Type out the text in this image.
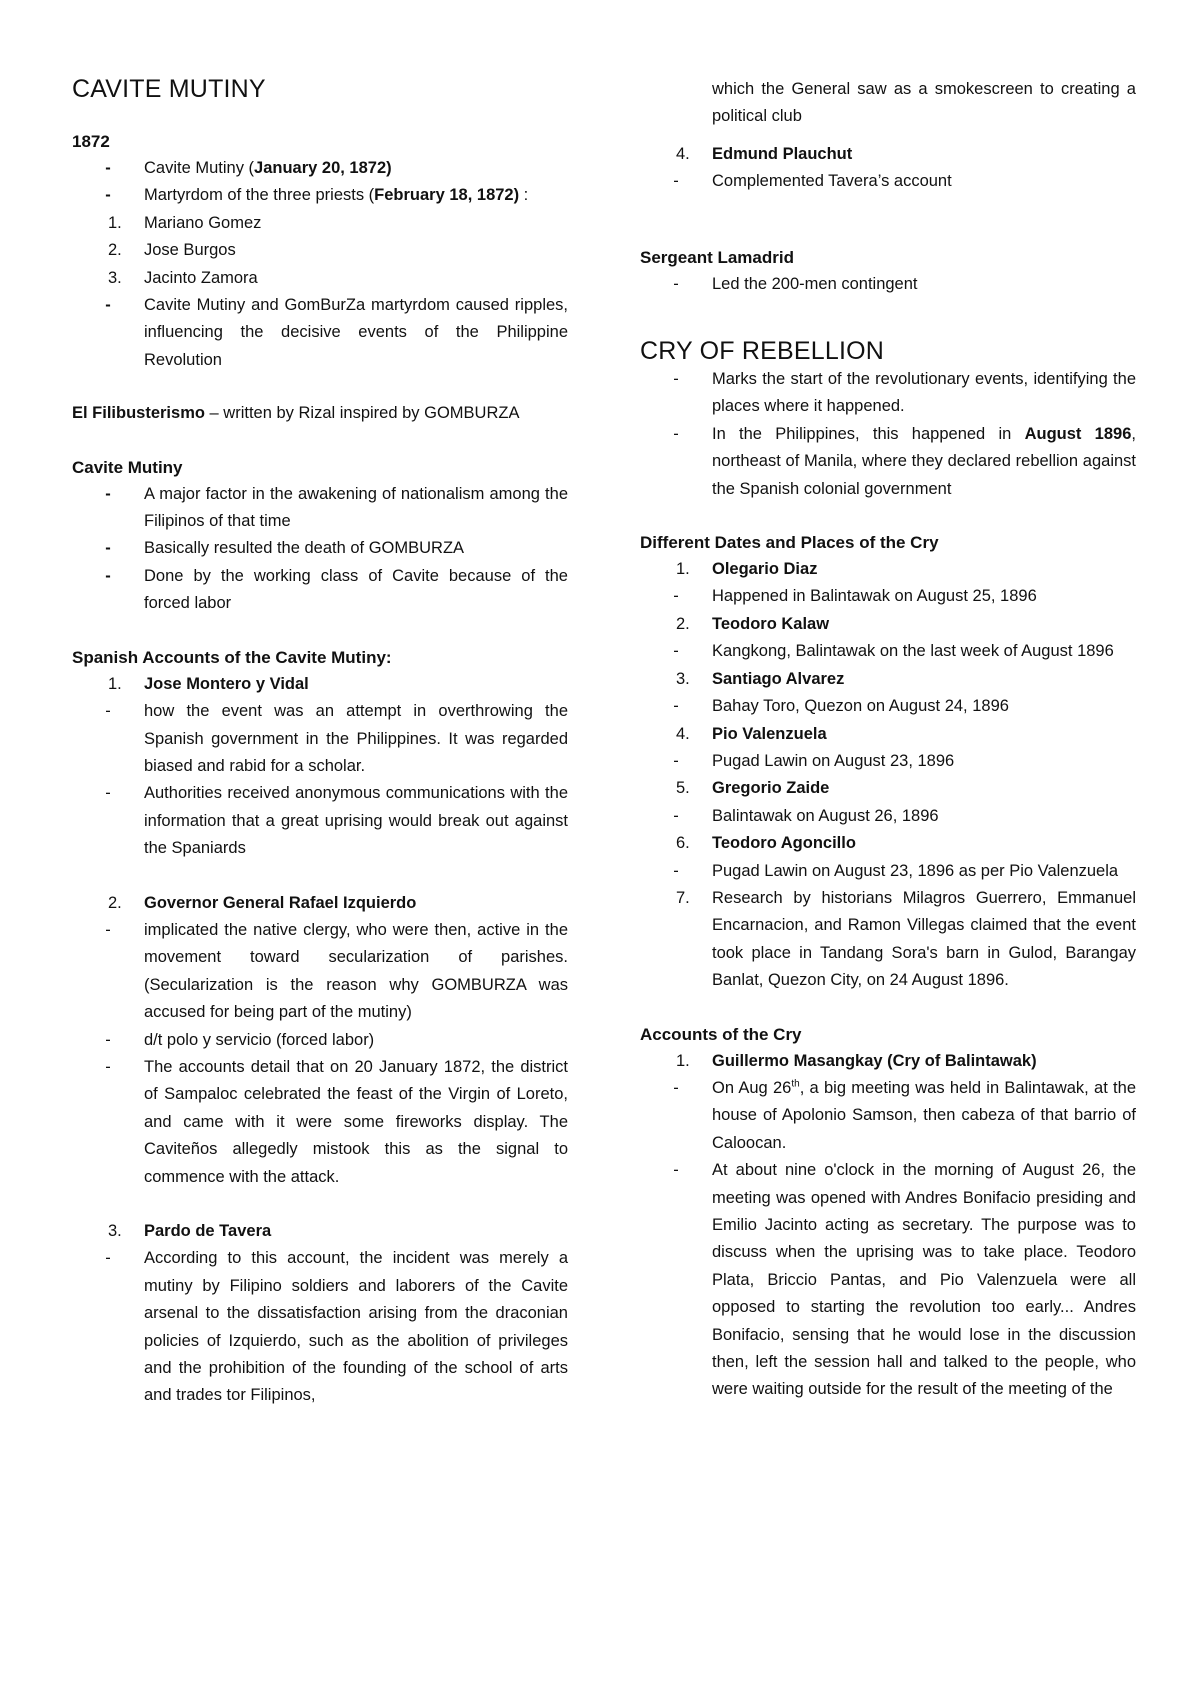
CAVITE MUTINY

1872

-	Cavite Mutiny (January 20, 1872)

-	Martyrdom of the three priests (February 18, 1872) :

1.	Mariano Gomez

2.	Jose Burgos

3.	Jacinto Zamora

-	Cavite Mutiny and GomBurZa martyrdom caused ripples, influencing the decisive events of the Philippine Revolution

El Filibusterismo – written by Rizal inspired by GOMBURZA

Cavite Mutiny

-	A major factor in the awakening of nationalism among the Filipinos of that time

-	Basically resulted the death of GOMBURZA

-	Done by the working class of Cavite because of the forced labor

Spanish Accounts of the Cavite Mutiny:

1.	Jose Montero y Vidal

-	how the event was an attempt in overthrowing the Spanish government in the Philippines. It was regarded biased and rabid for a scholar.

-	Authorities received anonymous communications with the information that a great uprising would break out against the Spaniards

2.	Governor General Rafael Izquierdo

-	implicated the native clergy, who were then, active in the movement toward secularization of parishes. (Secularization is the reason why GOMBURZA was accused for being part of the mutiny)

-	d/t polo y servicio (forced labor)

-	The accounts detail that on 20 January 1872, the district of Sampaloc celebrated the feast of the Virgin of Loreto, and came with it were some fireworks display. The Caviteños allegedly mistook this as the signal to commence with the attack.

3.	Pardo de Tavera

-	According to this account, the incident was merely a mutiny by Filipino soldiers and laborers of the Cavite arsenal to the dissatisfaction arising from the draconian policies of Izquierdo, such as the abolition of privileges and the prohibition of the founding of the school of arts and trades tor Filipinos,

which the General saw as a smokescreen to creating a political club

4.	Edmund Plauchut

-	Complemented Tavera’s account

Sergeant Lamadrid

-	Led the 200-men contingent

CRY OF REBELLION

-	Marks the start of the revolutionary events, identifying the places where it happened.

-	In the Philippines, this happened in August 1896, northeast of Manila, where they declared rebellion against the Spanish colonial government

Different Dates and Places of the Cry

1.	Olegario Diaz

-	Happened in Balintawak on August 25, 1896

2.	Teodoro Kalaw

-	Kangkong, Balintawak on the last week of August 1896

3.	Santiago Alvarez

-	Bahay Toro, Quezon on August 24, 1896

4.	Pio Valenzuela

-	Pugad Lawin on August 23, 1896

5.	Gregorio Zaide

-	Balintawak on August 26, 1896

6.	Teodoro Agoncillo

-	Pugad Lawin on August 23, 1896 as per Pio Valenzuela

7.	Research by historians Milagros Guerrero, Emmanuel Encarnacion, and Ramon Villegas claimed that the event took place in Tandang Sora's barn in Gulod, Barangay Banlat, Quezon City, on 24 August 1896.

Accounts of the Cry

1.	Guillermo Masangkay (Cry of Balintawak)

-	On Aug 26th, a big meeting was held in Balintawak, at the house of Apolonio Samson, then cabeza of that barrio of Caloocan.

-	At about nine o'clock in the morning of August 26, the meeting was opened with Andres Bonifacio presiding and Emilio Jacinto acting as secretary. The purpose was to discuss when the uprising was to take place. Teodoro Plata, Briccio Pantas, and Pio Valenzuela were all opposed to starting the revolution too early... Andres Bonifacio, sensing that he would lose in the discussion then, left the session hall and talked to the people, who were waiting outside for the result of the meeting of the
